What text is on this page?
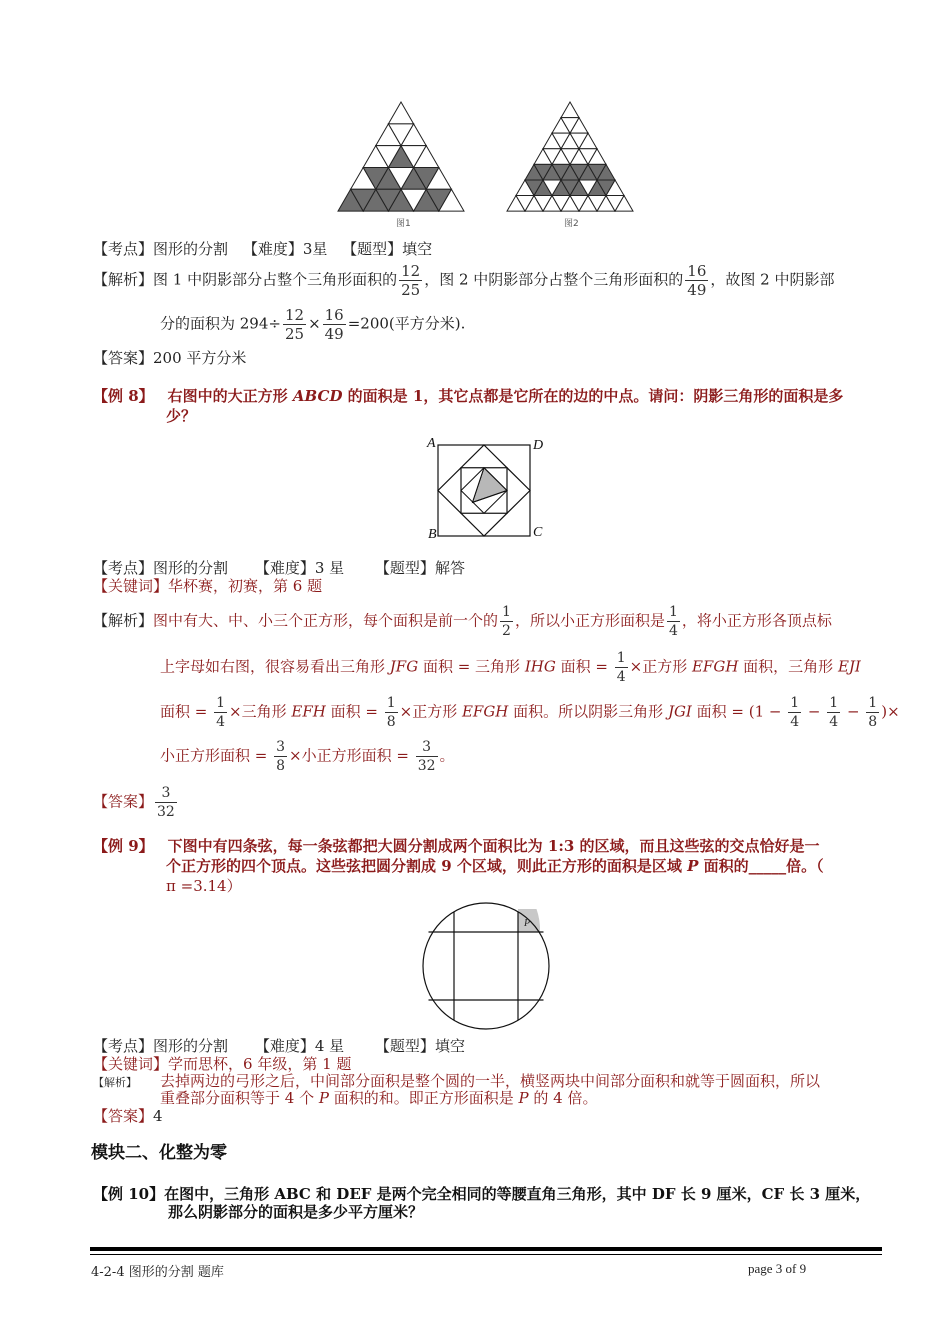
图1	图2
【考点】图形的分割 【难度】3星 【题型】填空
【解析】图 1 中阴影部分占整个三角形面积的 $\frac{12}{25}$ ，图 2 中阴影部分占整个三角形面积的 $\frac{16}{49}$ ，故图 2 中阴影部
分的面积为 $294\div \frac{12}{25} \times \frac{16}{49} =200$(平方分米).
【答案】200 平方分米
【例 8】 右图中的大正方形 ABCD 的面积是 1，其它点都是它所在的边的中点。请问：阴影三角形的面积是多
少？
A	D
B	C
【考点】图形的分割 【难度】3 星 【题型】解答
【关键词】华杯赛，初赛，第 6 题
【解析】图中有大、中、小三个正方形，每个面积是前一个的 $\frac{1}{2}$ ，所以小正方形面积是 $\frac{1}{4}$ ，将小正方形各顶点标
上字母如右图，很容易看出三角形 JFG 面积 = 三角形 IHG 面积 = $\frac{1}{4}$ ×正方形 EFGH 面积，三角形 EJI
面积 = $\frac{1}{4}$ ×三角形 EFH 面积 = $\frac{1}{8}$ ×正方形 EFGH 面积。所以阴影三角形 JGI 面积 = ($1 - \frac{1}{4} - \frac{1}{4} - \frac{1}{8}$ )×
小正方形面积 = $\frac{3}{8}$ ×小正方形面积 = $\frac{3}{32}$ 。
【答案】 $\frac{3}{32}$
【例 9】 下图中有四条弦，每一条弦都把大圆分割成两个面积比为 1:3 的区域，而且这些弦的交点恰好是一
个正方形的四个顶点。这些弦把圆分割成 9 个区域，则此正方形的面积是区域 P 面积的_____倍。（
π =3.14）
P
【考点】图形的分割 【难度】4 星 【题型】填空
【关键词】学而思杯，6 年级，第 1 题
【解析】 去掉两边的弓形之后，中间部分面积是整个圆的一半，横竖两块中间部分面积和就等于圆面积，所以
重叠部分面积等于 4 个 P 面积的和。即正方形面积是 P 的 4 倍。
【答案】4
模块二、化整为零
【例 10】在图中，三角形 ABC 和 DEF 是两个完全相同的等腰直角三角形，其中 DF 长 9 厘米，CF 长 3 厘米，
那么阴影部分的面积是多少平方厘米？
4-2-4 图形的分割 题库	page 3 of 9
